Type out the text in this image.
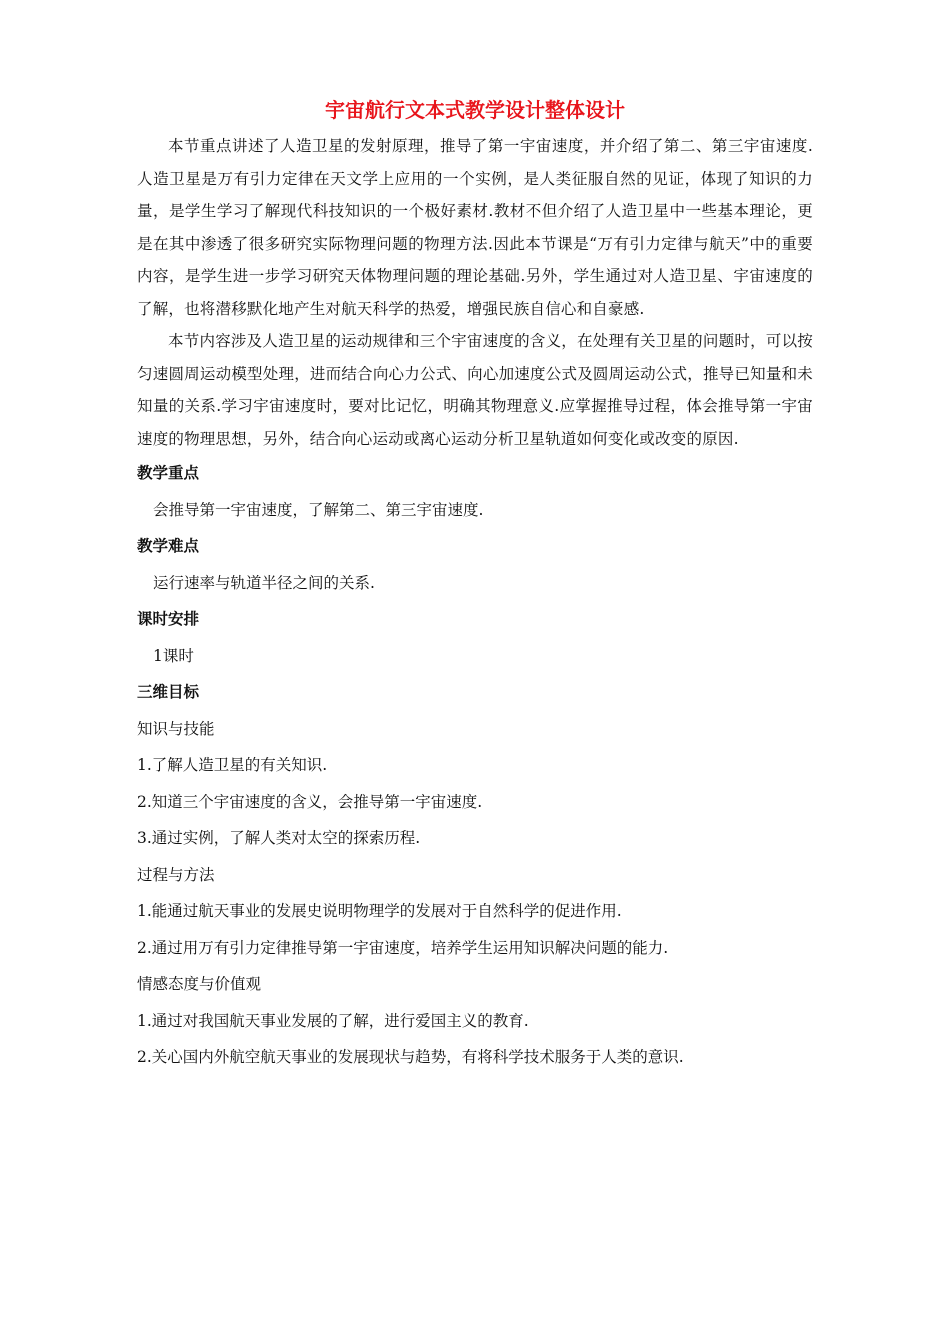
宇宙航行文本式教学设计整体设计

本节重点讲述了人造卫星的发射原理，推导了第一宇宙速度，并介绍了第二、第三宇宙速度.人造卫星是万有引力定律在天文学上应用的一个实例，是人类征服自然的见证，体现了知识的力量，是学生学习了解现代科技知识的一个极好素材.教材不但介绍了人造卫星中一些基本理论，更是在其中渗透了很多研究实际物理问题的物理方法.因此本节课是“万有引力定律与航天”中的重要内容，是学生进一步学习研究天体物理问题的理论基础.另外，学生通过对人造卫星、宇宙速度的了解，也将潜移默化地产生对航天科学的热爱，增强民族自信心和自豪感.

本节内容涉及人造卫星的运动规律和三个宇宙速度的含义，在处理有关卫星的问题时，可以按匀速圆周运动模型处理，进而结合向心力公式、向心加速度公式及圆周运动公式，推导已知量和未知量的关系.学习宇宙速度时，要对比记忆，明确其物理意义.应掌握推导过程，体会推导第一宇宙速度的物理思想，另外，结合向心运动或离心运动分析卫星轨道如何变化或改变的原因.

教学重点

会推导第一宇宙速度，了解第二、第三宇宙速度.

教学难点

运行速率与轨道半径之间的关系.

课时安排

1课时

三维目标

知识与技能

1.了解人造卫星的有关知识.

2.知道三个宇宙速度的含义，会推导第一宇宙速度.

3.通过实例，了解人类对太空的探索历程.

过程与方法

1.能通过航天事业的发展史说明物理学的发展对于自然科学的促进作用.

2.通过用万有引力定律推导第一宇宙速度，培养学生运用知识解决问题的能力.

情感态度与价值观

1.通过对我国航天事业发展的了解，进行爱国主义的教育.

2.关心国内外航空航天事业的发展现状与趋势，有将科学技术服务于人类的意识.
